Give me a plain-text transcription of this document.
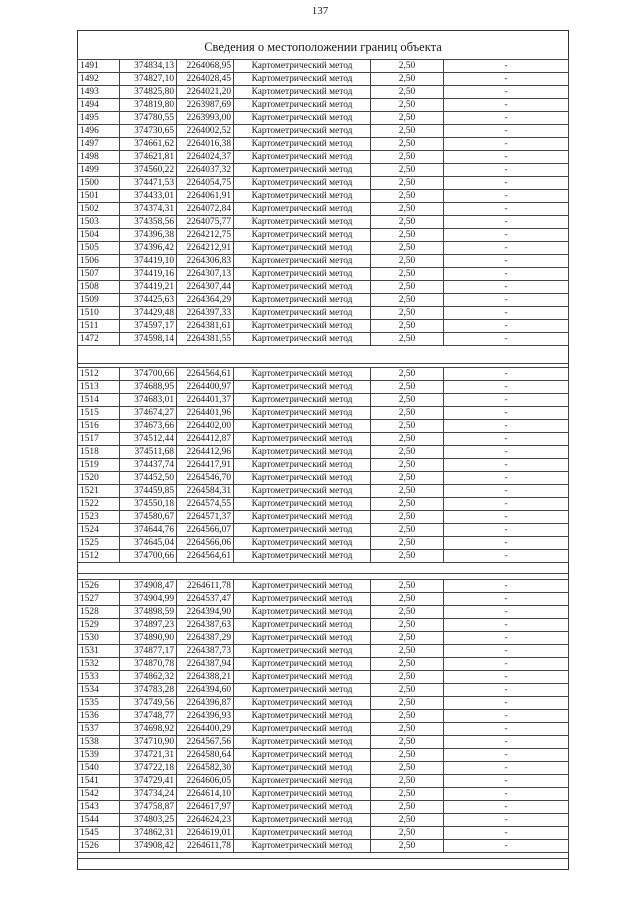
137
Сведения о местоположении границ объекта
1491	374834,13	2264068,95	Картометрический метод	2,50	-
1492	374827,10	2264028,45	Картометрический метод	2,50	-
1493	374825,80	2264021,20	Картометрический метод	2,50	-
1494	374819,80	2263987,69	Картометрический метод	2,50	-
1495	374780,55	2263993,00	Картометрический метод	2,50	-
1496	374730,65	2264002,52	Картометрический метод	2,50	-
1497	374661,62	2264016,38	Картометрический метод	2,50	-
1498	374621,81	2264024,37	Картометрический метод	2,50	-
1499	374560,22	2264037,32	Картометрический метод	2,50	-
1500	374471,53	2264054,75	Картометрический метод	2,50	-
1501	374433,01	2264061,91	Картометрический метод	2,50	-
1502	374374,31	2264072,84	Картометрический метод	2,50	-
1503	374358,56	2264075,77	Картометрический метод	2,50	-
1504	374396,38	2264212,75	Картометрический метод	2,50	-
1505	374396,42	2264212,91	Картометрический метод	2,50	-
1506	374419,10	2264306,83	Картометрический метод	2,50	-
1507	374419,16	2264307,13	Картометрический метод	2,50	-
1508	374419,21	2264307,44	Картометрический метод	2,50	-
1509	374425,63	2264364,29	Картометрический метод	2,50	-
1510	374429,48	2264397,33	Картометрический метод	2,50	-
1511	374597,17	2264381,61	Картометрический метод	2,50	-
1472	374598,14	2264381,55	Картометрический метод	2,50	-
1512	374700,66	2264564,61	Картометрический метод	2,50	-
1513	374688,95	2264400,97	Картометрический метод	2,50	-
1514	374683,01	2264401,37	Картометрический метод	2,50	-
1515	374674,27	2264401,96	Картометрический метод	2,50	-
1516	374673,66	2264402,00	Картометрический метод	2,50	-
1517	374512,44	2264412,87	Картометрический метод	2,50	-
1518	374511,68	2264412,96	Картометрический метод	2,50	-
1519	374437,74	2264417,91	Картометрический метод	2,50	-
1520	374452,50	2264546,70	Картометрический метод	2,50	-
1521	374459,85	2264584,31	Картометрический метод	2,50	-
1522	374550,18	2264574,55	Картометрический метод	2,50	-
1523	374580,67	2264571,37	Картометрический метод	2,50	-
1524	374644,76	2264566,07	Картометрический метод	2,50	-
1525	374645,04	2264566,06	Картометрический метод	2,50	-
1512	374700,66	2264564,61	Картометрический метод	2,50	-
1526	374908,47	2264611,78	Картометрический метод	2,50	-
1527	374904,99	2264537,47	Картометрический метод	2,50	-
1528	374898,59	2264394,90	Картометрический метод	2,50	-
1529	374897,23	2264387,63	Картометрический метод	2,50	-
1530	374890,90	2264387,29	Картометрический метод	2,50	-
1531	374877,17	2264387,73	Картометрический метод	2,50	-
1532	374870,78	2264387,94	Картометрический метод	2,50	-
1533	374862,32	2264388,21	Картометрический метод	2,50	-
1534	374783,28	2264394,60	Картометрический метод	2,50	-
1535	374749,56	2264396,87	Картометрический метод	2,50	-
1536	374748,77	2264396,93	Картометрический метод	2,50	-
1537	374698,92	2264400,29	Картометрический метод	2,50	-
1538	374710,90	2264567,56	Картометрический метод	2,50	-
1539	374721,31	2264580,64	Картометрический метод	2,50	-
1540	374722,18	2264582,30	Картометрический метод	2,50	-
1541	374729,41	2264606,05	Картометрический метод	2,50	-
1542	374734,24	2264614,10	Картометрический метод	2,50	-
1543	374758,87	2264617,97	Картометрический метод	2,50	-
1544	374803,25	2264624,23	Картометрический метод	2,50	-
1545	374862,31	2264619,01	Картометрический метод	2,50	-
1526	374908,42	2264611,78	Картометрический метод	2,50	-
